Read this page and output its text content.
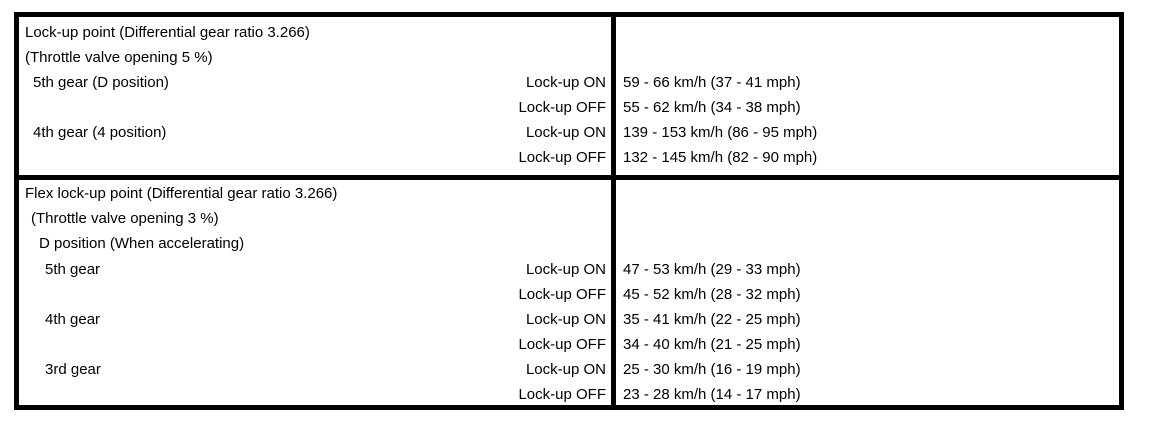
Lock-up point (Differential gear ratio 3.266)
(Throttle valve opening 5 %)
5th gear (D position)	Lock-up ON 59 - 66 km/h (37 - 41 mph)
Lock-up OFF 55 - 62 km/h (34 - 38 mph)
4th gear (4 position)	Lock-up ON 139 - 153 km/h (86 - 95 mph)
Lock-up OFF 132 - 145 km/h (82 - 90 mph)
Flex lock-up point (Differential gear ratio 3.266)
(Throttle valve opening 3 %)
D position (When accelerating)
5th gear	Lock-up ON 47 - 53 km/h (29 - 33 mph)
Lock-up OFF 45 - 52 km/h (28 - 32 mph)
4th gear	Lock-up ON 35 - 41 km/h (22 - 25 mph)
Lock-up OFF 34 - 40 km/h (21 - 25 mph)
3rd gear	Lock-up ON 25 - 30 km/h (16 - 19 mph)
Lock-up OFF 23 - 28 km/h (14 - 17 mph)
